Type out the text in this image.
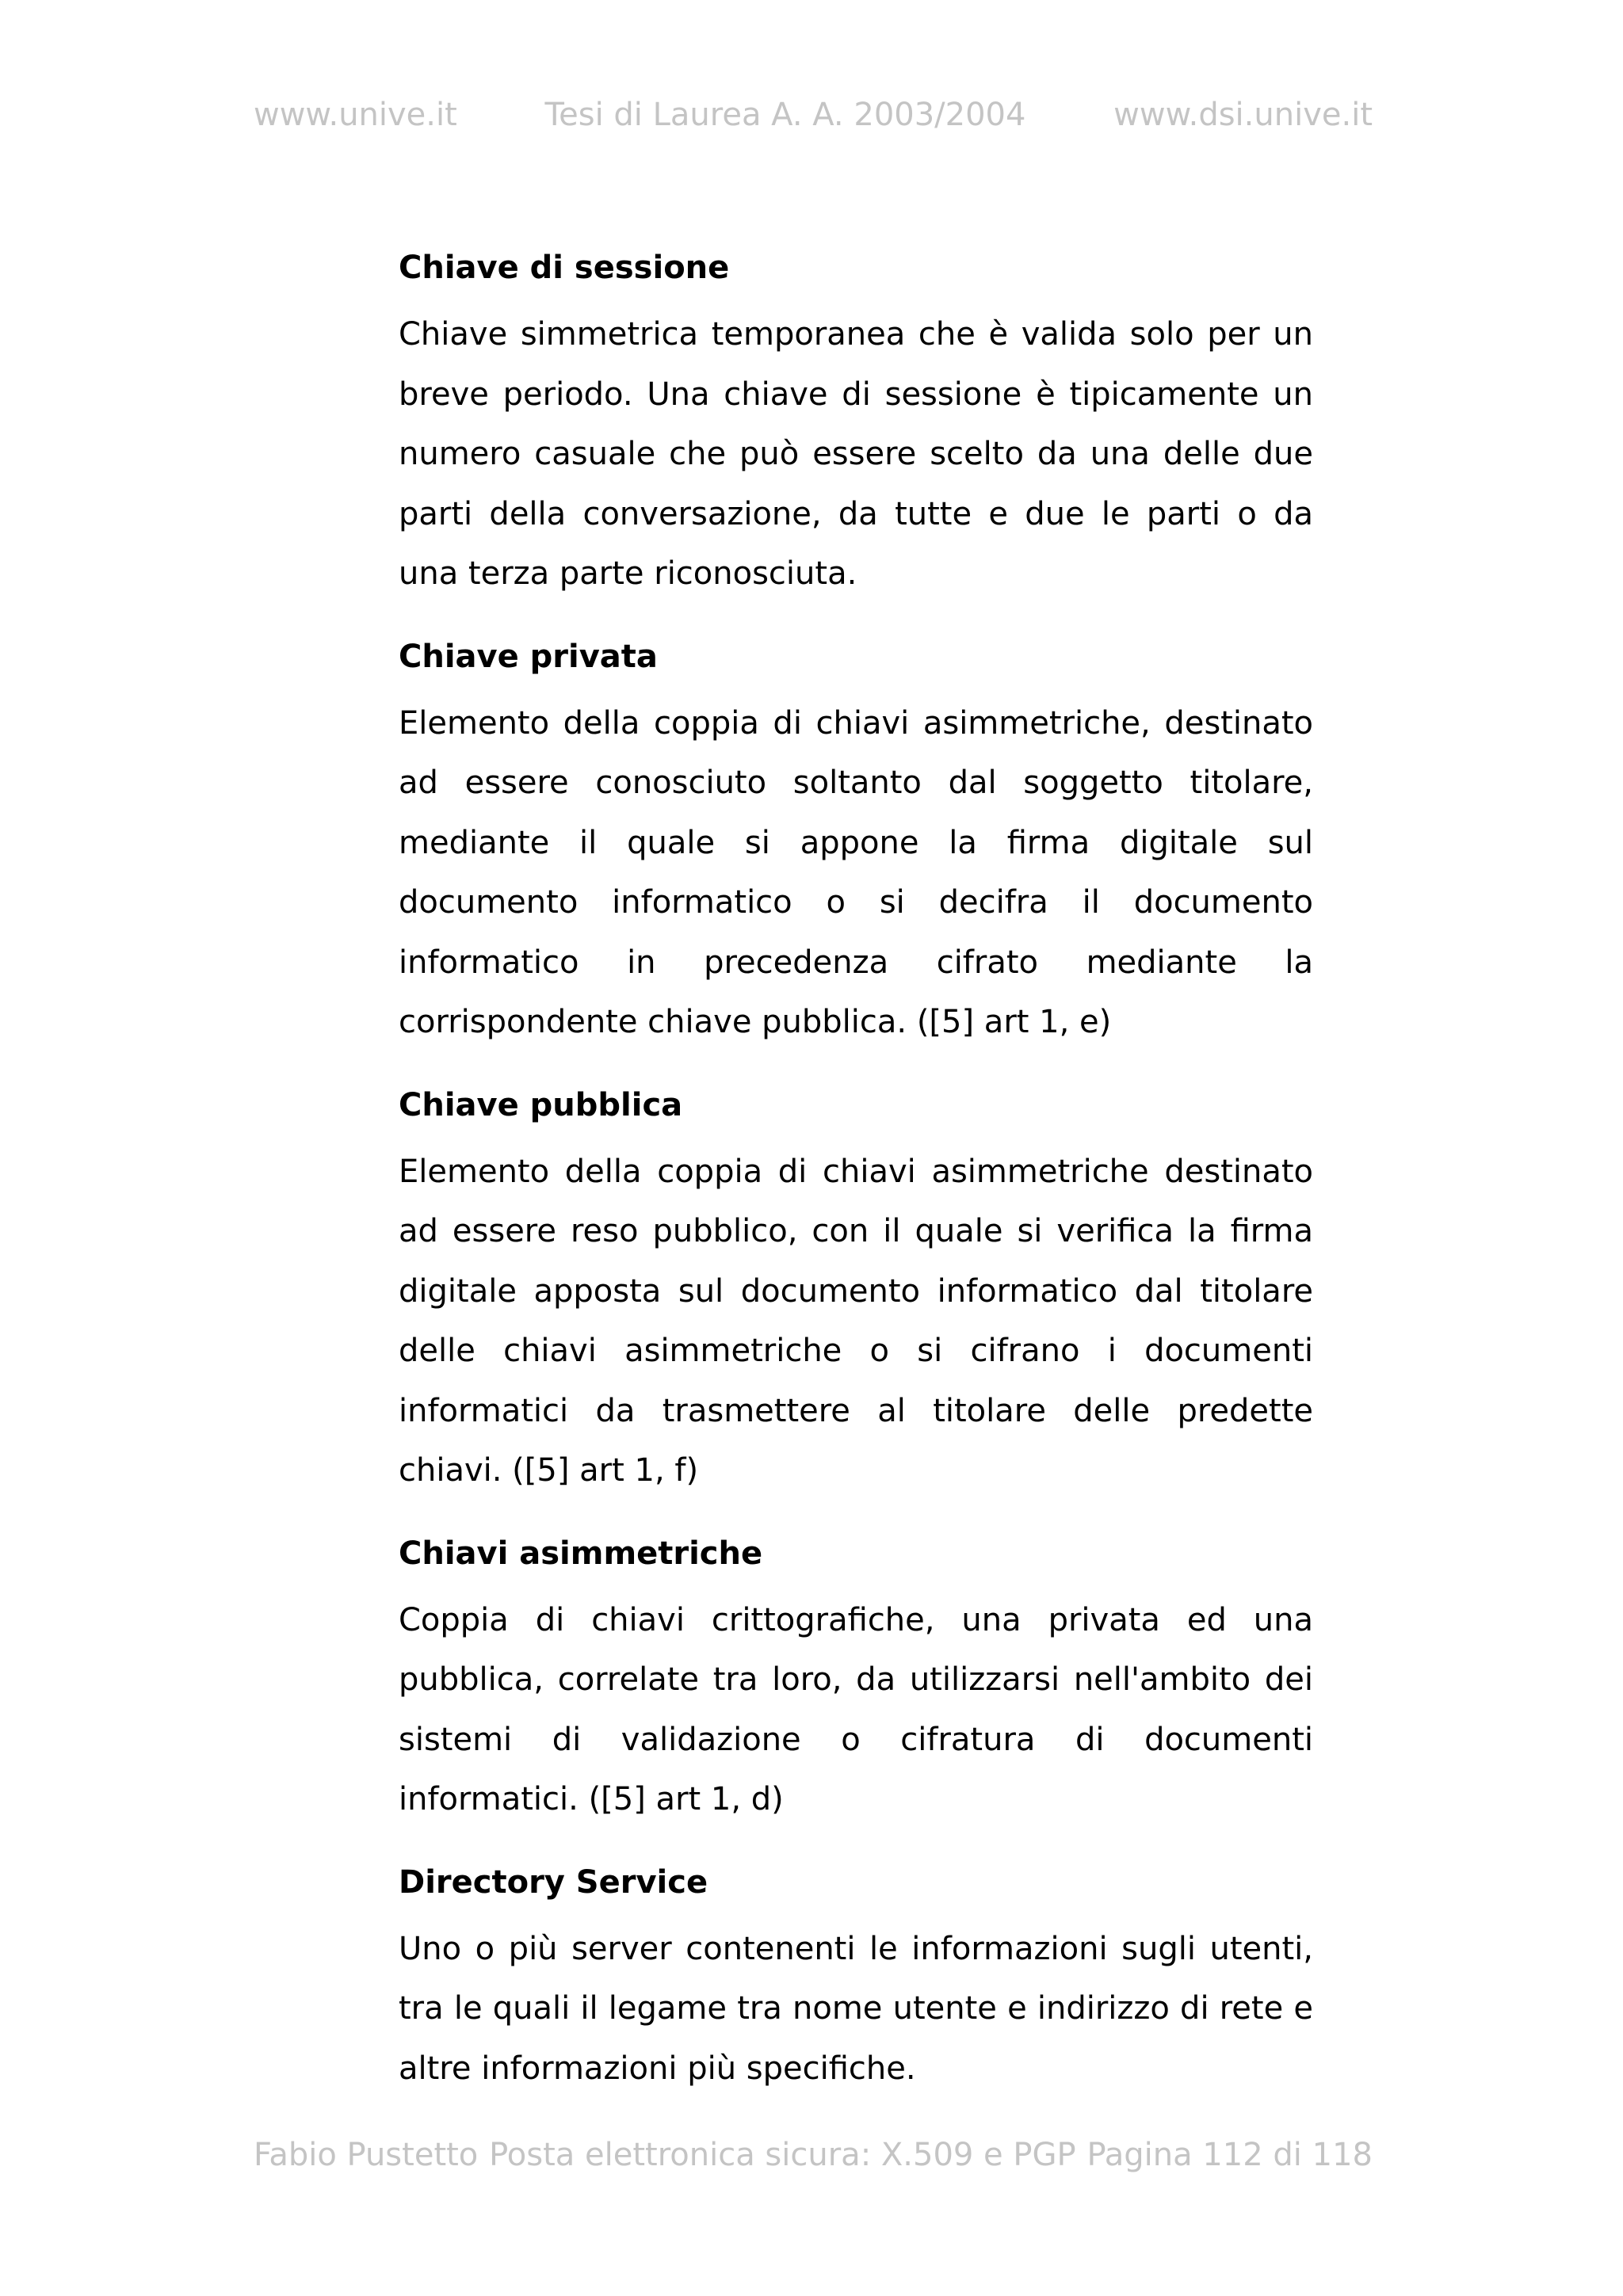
www.unive.it	Tesi di Laurea A. A. 2003/2004	www.dsi.unive.it
Chiave di sessione

Chiave simmetrica temporanea che è valida solo per un breve periodo. Una chiave di sessione è tipicamente un numero casuale che può essere scelto da una delle due parti della conversazione, da tutte e due le parti o da una terza parte riconosciuta.

Chiave privata

Elemento della coppia di chiavi asimmetriche, destinato ad essere conosciuto soltanto dal soggetto titolare, mediante il quale si appone la firma digitale sul documento informatico o si decifra il documento informatico in precedenza cifrato mediante la corrispondente chiave pubblica. ([5] art 1, e)

Chiave pubblica

Elemento della coppia di chiavi asimmetriche destinato ad essere reso pubblico, con il quale si verifica la firma digitale apposta sul documento informatico dal titolare delle chiavi asimmetriche o si cifrano i documenti informatici da trasmettere al titolare delle predette chiavi. ([5] art 1, f)

Chiavi asimmetriche

Coppia di chiavi crittografiche, una privata ed una pubblica, correlate tra loro, da utilizzarsi nell'ambito dei sistemi di validazione o cifratura di documenti informatici. ([5] art 1, d)

Directory Service

Uno o più server contenenti le informazioni sugli utenti, tra le quali il legame tra nome utente e indirizzo di rete e altre informazioni più specifiche.

Fabio Pustetto Posta elettronica sicura: X.509 e PGP Pagina 112 di 118
